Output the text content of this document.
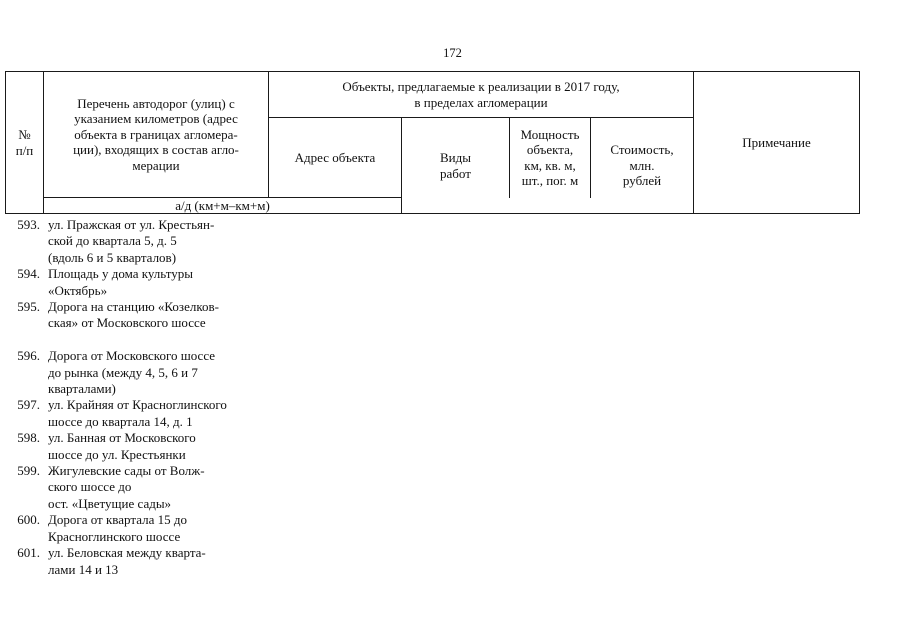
172
№
п/п
Перечень автодорог (улиц) с
указанием километров (адрес
объекта в границах агломера-
ции), входящих в состав агло-
мерации
а/д (км+м–км+м)
Объекты, предлагаемые к реализации в 2017 году,
в пределах агломерации
Адрес объекта	Виды
работ
Мощность
объекта,
км, кв. м,
шт., пог. м
Стоимость,
млн.
рублей
Примечание
593. ул. Пражская от ул. Крестьян-
ской до квартала 5, д. 5
(вдоль 6 и 5 кварталов)
594. Площадь у дома культуры
«Октябрь»
595. Дорога на станцию «Козелков-
ская» от Московского шоссе
596. Дорога от Московского шоссе
до рынка (между 4, 5, 6 и 7
кварталами)
597. ул. Крайняя от Красноглинского
шоссе до квартала 14, д. 1
598. ул. Банная от Московского
шоссе до ул. Крестьянки
599. Жигулевские сады от Волж-
ского шоссе до
ост. «Цветущие сады»
600. Дорога от квартала 15 до
Красноглинского шоссе
601. ул. Беловская между кварта-
лами 14 и 13
